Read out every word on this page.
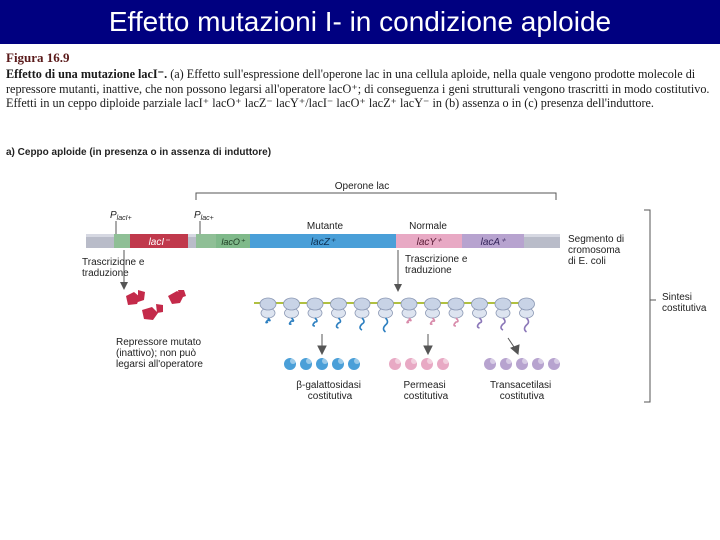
Effetto mutazioni I- in condizione aploide
Figura 16.9
Effetto di una mutazione lacI⁻. (a) Effetto sull'espressione dell'operone lac in una cellula aploide, nella quale vengono prodotte molecole di repressore mutanti, inattive, che non possono legarsi all'operatore lacO⁺; di conseguenza i geni strutturali vengono trascritti in modo costitutivo. Effetti in un ceppo diploide parziale lacI⁺ lacO⁺ lacZ⁻ lacY⁺/lacI⁻ lacO⁺ lacZ⁺ lacY⁻ in (b) assenza o in (c) presenza dell'induttore.
a) Ceppo aploide (in presenza o in assenza di induttore)
Operone lac
$P_{lacI+}$	$P_{lac+}$
Mutante	Normale
lacI⁻	lacO⁺	lacZ⁺	lacY⁺	lacA⁺	Segmento di cromosoma di E. coli
Trascrizione e traduzione
Repressore mutato (inattivo); non può legarsi all'operatore
Trascrizione e traduzione
β-galattosidasi costitutiva
Permeasi costitutiva
Transacetilasi costitutiva
Sintesi costitutiva
